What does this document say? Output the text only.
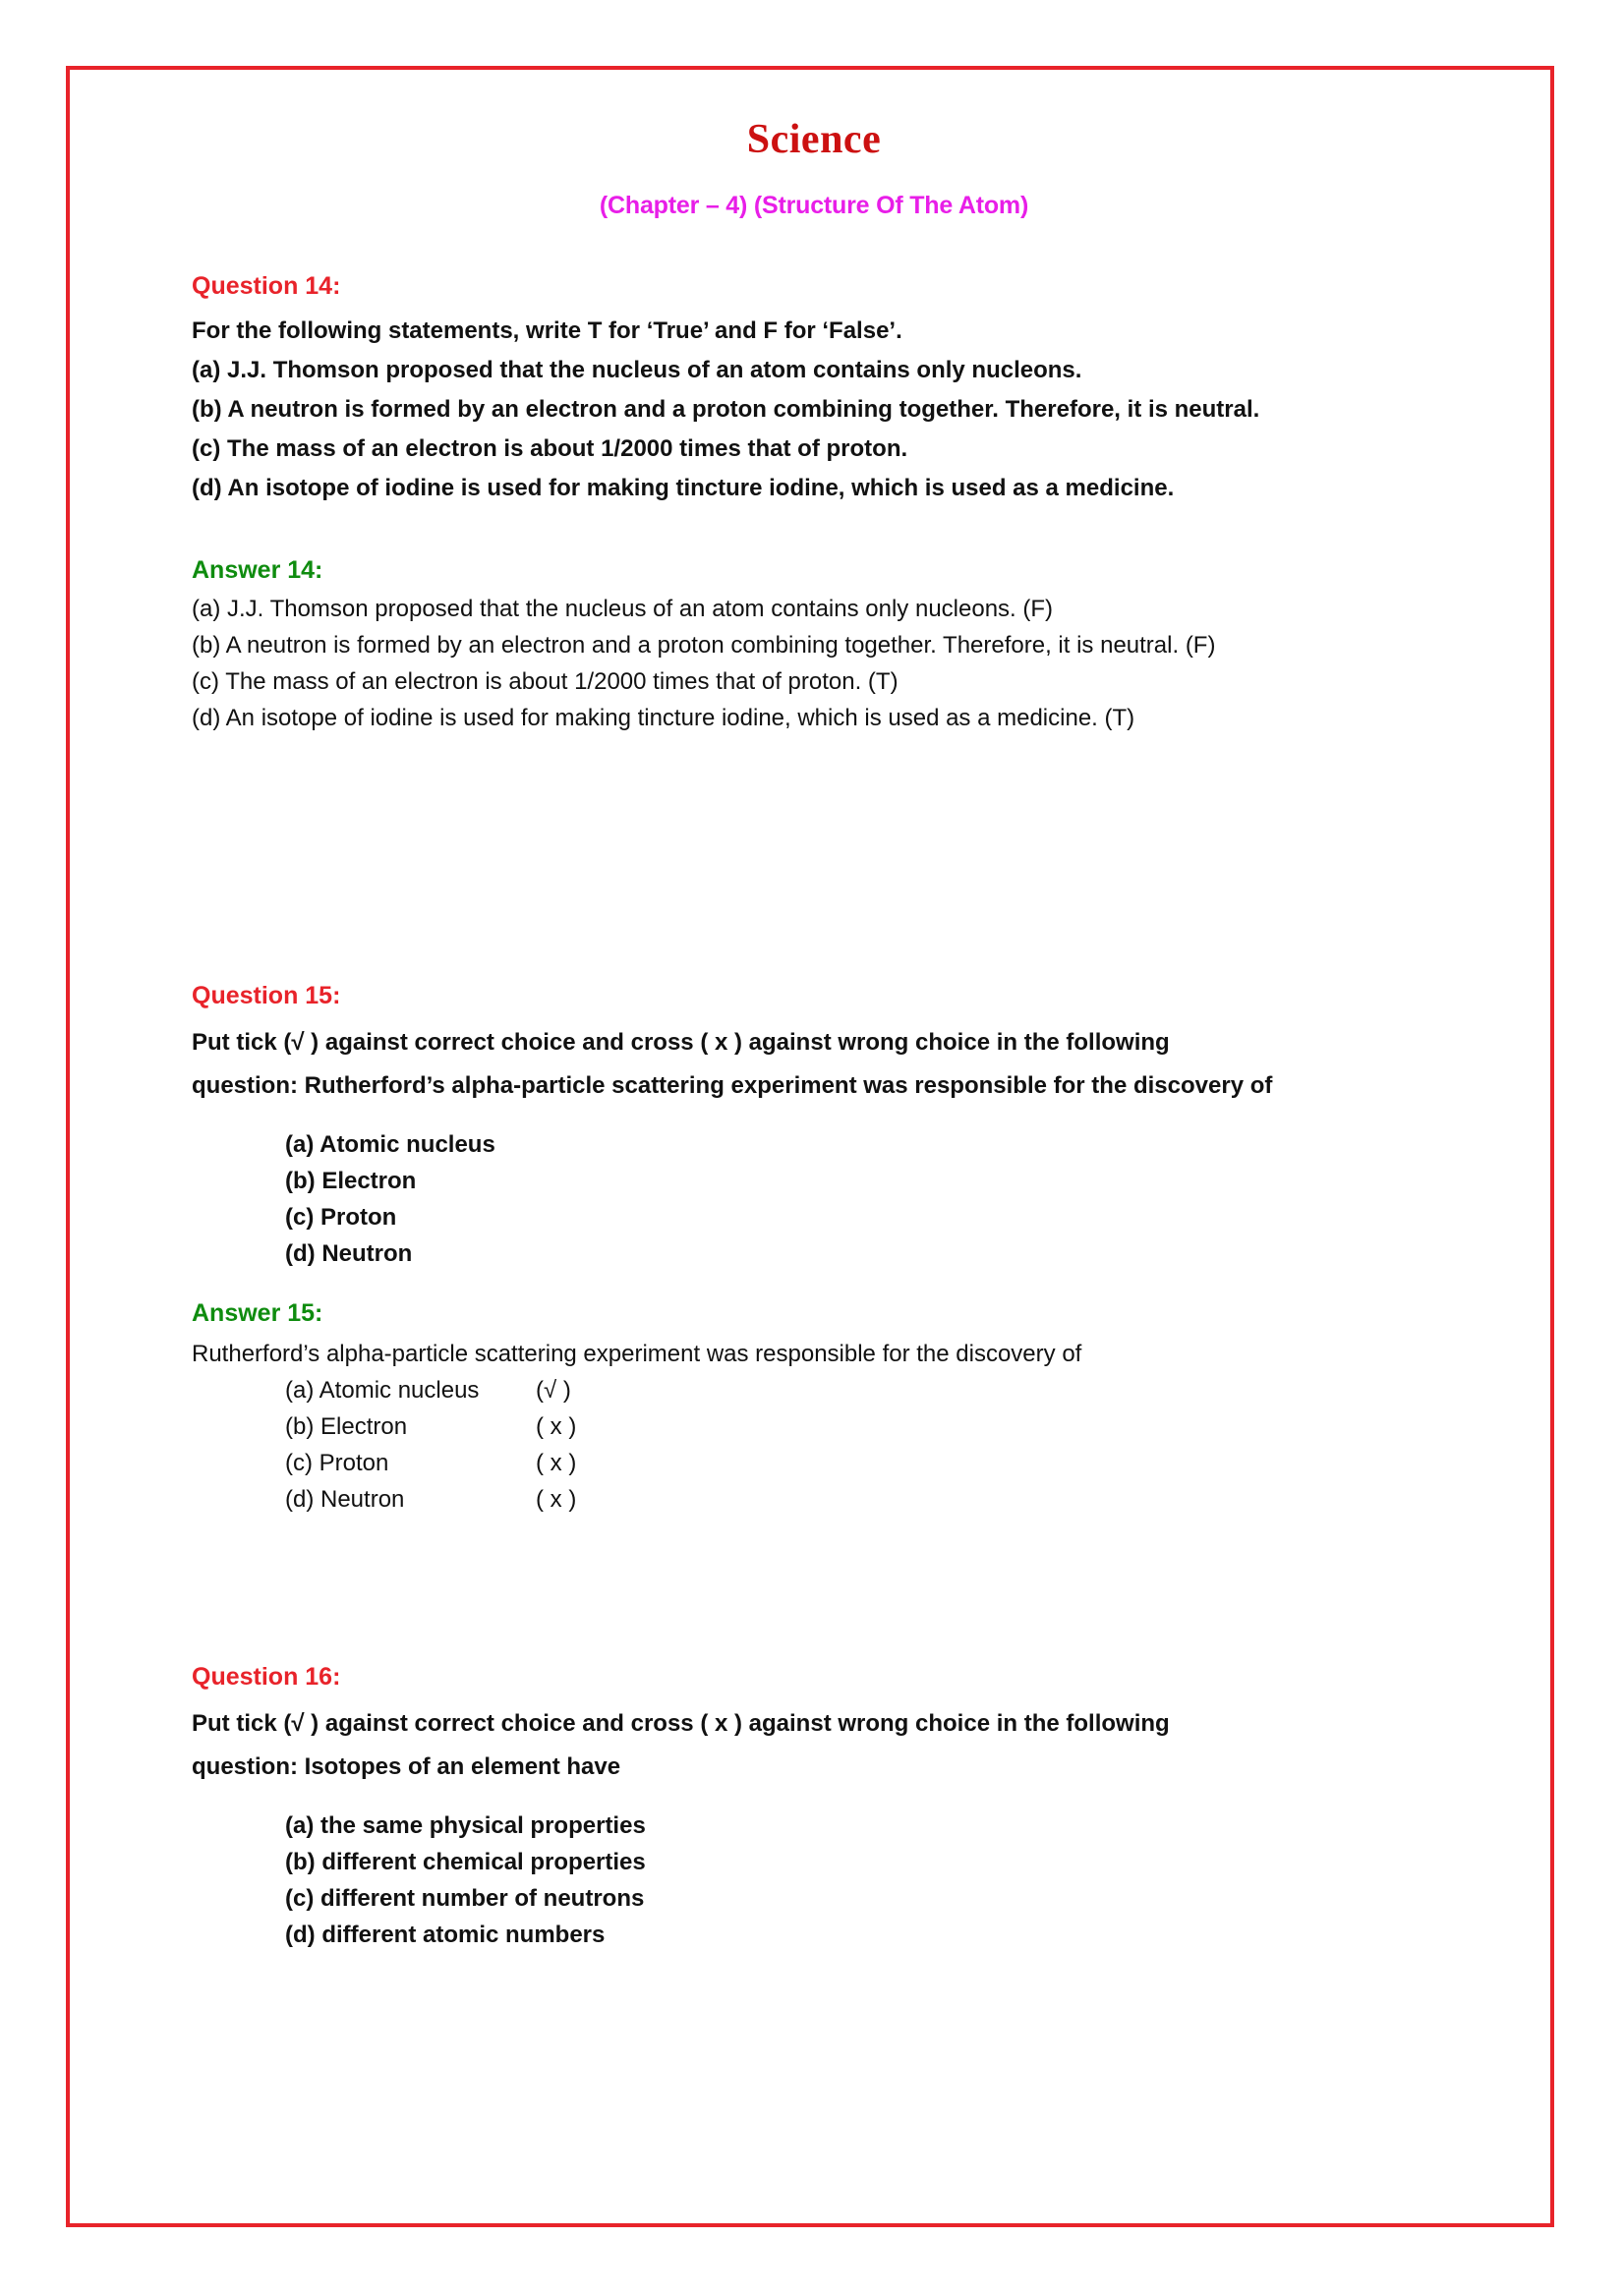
Science
(Chapter – 4) (Structure Of The Atom)
Question 14:
For the following statements, write T for ‘True’ and F for ‘False’.
(a) J.J. Thomson proposed that the nucleus of an atom contains only nucleons.
(b) A neutron is formed by an electron and a proton combining together. Therefore, it is neutral.
(c) The mass of an electron is about 1/2000 times that of proton.
(d) An isotope of iodine is used for making tincture iodine, which is used as a medicine.
Answer 14:
(a) J.J. Thomson proposed that the nucleus of an atom contains only nucleons. (F)
(b) A neutron is formed by an electron and a proton combining together. Therefore, it is neutral. (F)
(c) The mass of an electron is about 1/2000 times that of proton. (T)
(d) An isotope of iodine is used for making tincture iodine, which is used as a medicine. (T)
Question 15:
Put tick (√ ) against correct choice and cross ( x ) against wrong choice in the following
question: Rutherford’s alpha-particle scattering experiment was responsible for the discovery of
(a) Atomic nucleus
(b) Electron
(c) Proton
(d) Neutron
Answer 15:
Rutherford’s alpha-particle scattering experiment was responsible for the discovery of
(a) Atomic nucleus (√ )
(b) Electron	( x )
(c) Proton	( x )
(d) Neutron	( x )
Question 16:
Put tick (√ ) against correct choice and cross ( x ) against wrong choice in the following
question: Isotopes of an element have
(a) the same physical properties
(b) different chemical properties
(c) different number of neutrons
(d) different atomic numbers
